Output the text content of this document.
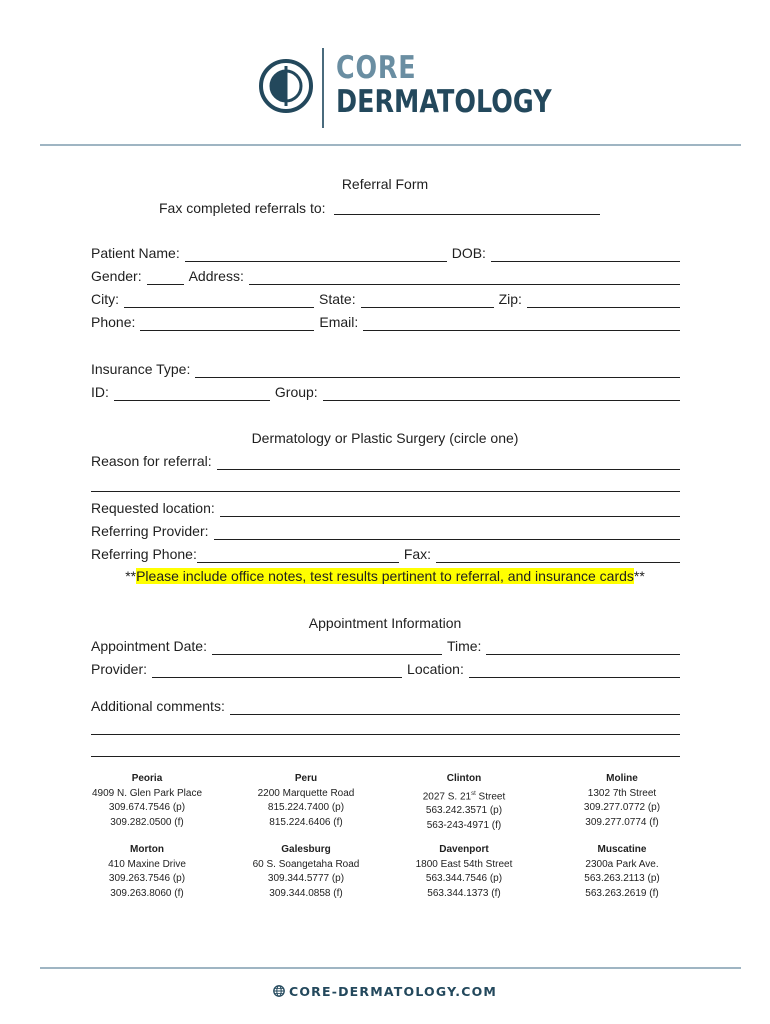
CORE
DERMATOLOGY
Referral Form
Fax completed referrals to:
Patient Name:	DOB:
Gender:	Address:
City:	State:	Zip:
Phone:	Email:
Insurance Type:
ID:	Group:
Dermatology or Plastic Surgery (circle one)
Reason for referral:
Requested location:
Referring Provider:
Referring Phone:	Fax:
**Please include office notes, test results pertinent to referral, and insurance cards**
Appointment Information
Appointment Date:	Time:
Provider:	Location:
Additional comments:
Peoria
4909 N. Glen Park Place
309.674.7546 (p)
309.282.0500 (f)
Peru
2200 Marquette Road
815.224.7400 (p)
815.224.6406 (f)
Clinton
2027 S. 21st Street
563.242.3571 (p)
563-243-4971 (f)
Moline
1302 7th Street
309.277.0772 (p)
309.277.0774 (f)
Morton
410 Maxine Drive
309.263.7546 (p)
309.263.8060 (f)
Galesburg
60 S. Soangetaha Road
309.344.5777 (p)
309.344.0858 (f)
Davenport
1800 East 54th Street
563.344.7546 (p)
563.344.1373 (f)
Muscatine
2300a Park Ave.
563.263.2113 (p)
563.263.2619 (f)
CORE-DERMATOLOGY.COM
